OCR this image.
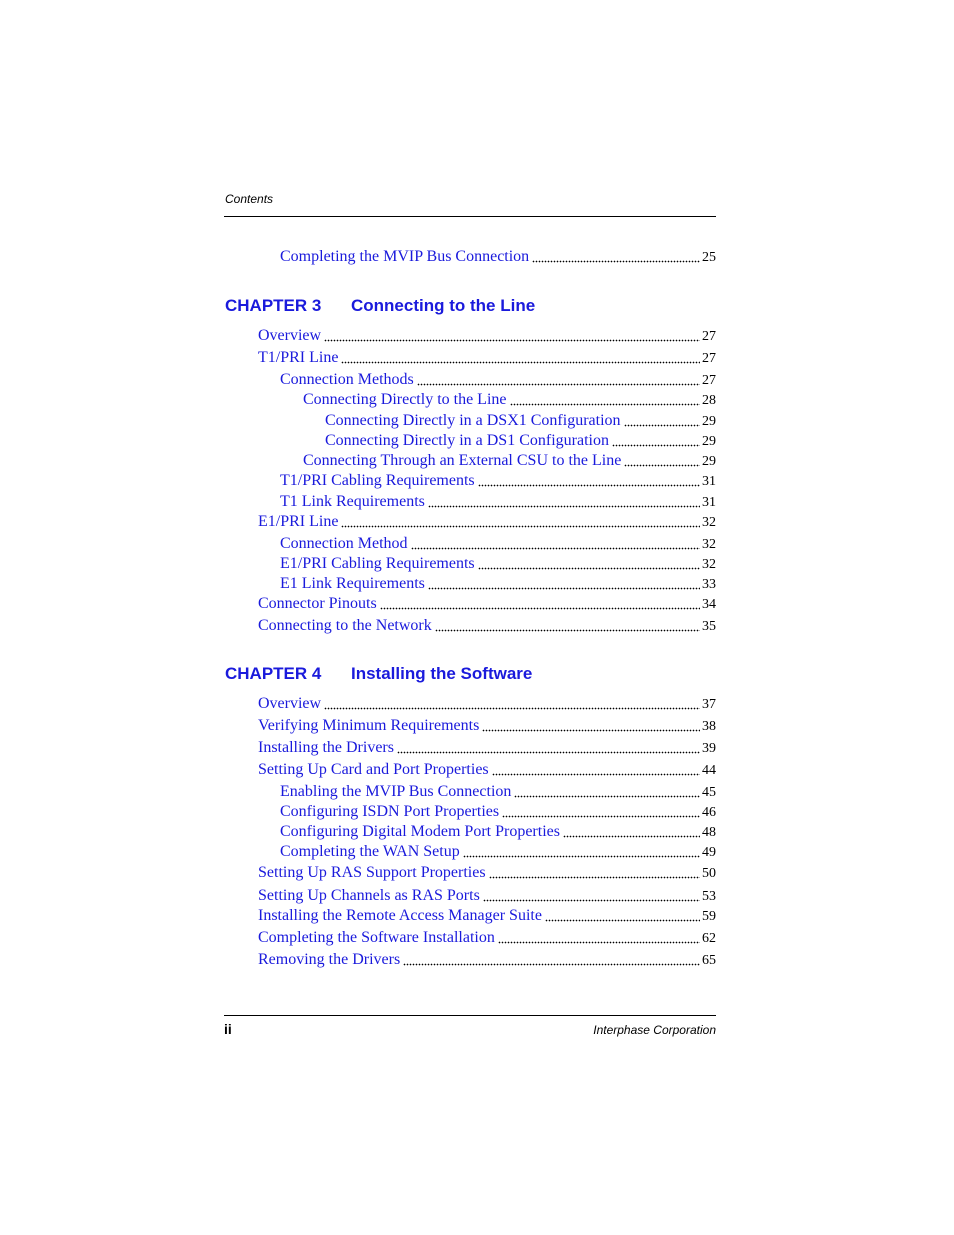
Contents
Completing the MVIP Bus Connection	25
CHAPTER 3	Connecting to the Line
Overview	27
T1/PRI Line	27
Connection Methods	27
Connecting Directly to the Line	28
Connecting Directly in a DSX1 Configuration	29
Connecting Directly in a DS1 Configuration	29
Connecting Through an External CSU to the Line	29
T1/PRI Cabling Requirements	31
T1 Link Requirements	31
E1/PRI Line	32
Connection Method	32
E1/PRI Cabling Requirements	32
E1 Link Requirements	33
Connector Pinouts	34
Connecting to the Network	35
CHAPTER 4	Installing the Software
Overview	37
Verifying Minimum Requirements	38
Installing the Drivers	39
Setting Up Card and Port Properties	44
Enabling the MVIP Bus Connection	45
Configuring ISDN Port Properties	46
Configuring Digital Modem Port Properties	48
Completing the WAN Setup	49
Setting Up RAS Support Properties	50
Setting Up Channels as RAS Ports	53
Installing the Remote Access Manager Suite	59
Completing the Software Installation	62
Removing the Drivers	65
ii	Interphase Corporation
